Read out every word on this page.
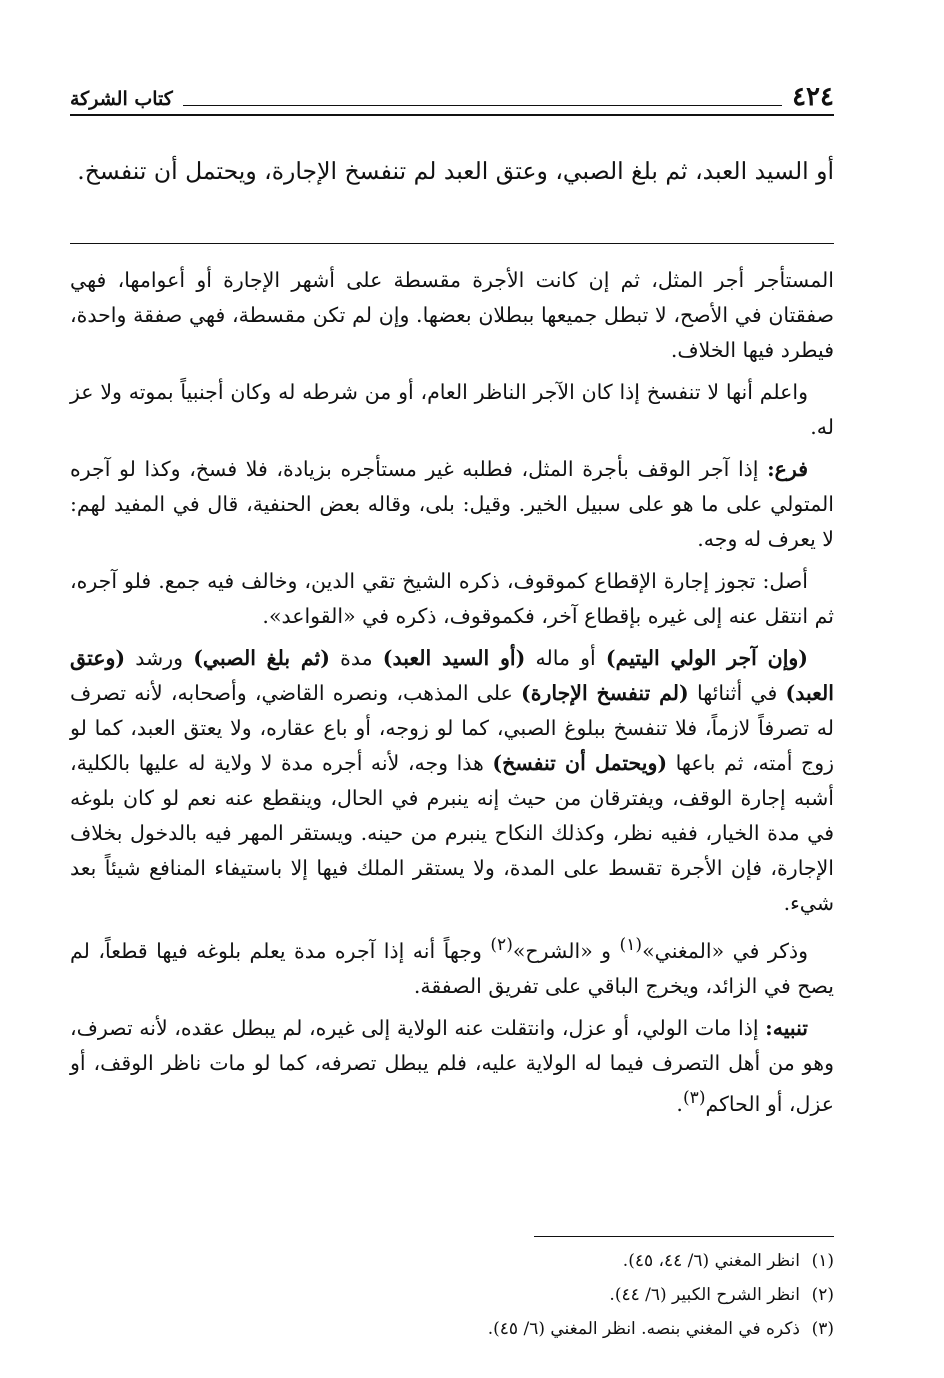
٤٢٤
كتاب الشركة
أو السيد العبد، ثم بلغ الصبي، وعتق العبد لم تنفسخ الإجارة، ويحتمل أن تنفسخ.

المستأجر أجر المثل، ثم إن كانت الأجرة مقسطة على أشهر الإجارة أو أعوامها، فهي صفقتان في الأصح، لا تبطل جميعها ببطلان بعضها. وإن لم تكن مقسطة، فهي صفقة واحدة، فيطرد فيها الخلاف.

واعلم أنها لا تنفسخ إذا كان الآجر الناظر العام، أو من شرطه له وكان أجنبياً بموته ولا عز له.

فرع: إذا آجر الوقف بأجرة المثل، فطلبه غير مستأجره بزيادة، فلا فسخ، وكذا لو آجره المتولي على ما هو على سبيل الخير. وقيل: بلى، وقاله بعض الحنفية، قال في المفيد لهم: لا يعرف له وجه.

أصل: تجوز إجارة الإقطاع كموقوف، ذكره الشيخ تقي الدين، وخالف فيه جمع. فلو آجره، ثم انتقل عنه إلى غيره بإقطاع آخر، فكموقوف، ذكره في «القواعد».

(وإن آجر الولي اليتيم) أو ماله (أو السيد العبد) مدة (ثم بلغ الصبي) ورشد (وعتق العبد) في أثنائها (لم تنفسخ الإجارة) على المذهب، ونصره القاضي، وأصحابه، لأنه تصرف له تصرفاً لازماً، فلا تنفسخ ببلوغ الصبي، كما لو زوجه، أو باع عقاره، ولا يعتق العبد، كما لو زوج أمته، ثم باعها (ويحتمل أن تنفسخ) هذا وجه، لأنه أجره مدة لا ولاية له عليها بالكلية، أشبه إجارة الوقف، ويفترقان من حيث إنه ينبرم في الحال، وينقطع عنه نعم لو كان بلوغه في مدة الخيار، ففيه نظر، وكذلك النكاح ينبرم من حينه. ويستقر المهر فيه بالدخول بخلاف الإجارة، فإن الأجرة تقسط على المدة، ولا يستقر الملك فيها إلا باستيفاء المنافع شيئاً بعد شيء.

وذكر في «المغني»$^{(١)}$ و «الشرح»$^{(٢)}$ وجهاً أنه إذا آجره مدة يعلم بلوغه فيها قطعاً، لم يصح في الزائد، ويخرج الباقي على تفريق الصفقة.

تنبيه: إذا مات الولي، أو عزل، وانتقلت عنه الولاية إلى غيره، لم يبطل عقده، لأنه تصرف، وهو من أهل التصرف فيما له الولاية عليه، فلم يبطل تصرفه، كما لو مات ناظر الوقف، أو عزل، أو الحاكم$^{(٣)}$.

(١)انظر المغني (٦/ ٤٤، ٤٥).
(٢)انظر الشرح الكبير (٦/ ٤٤).
(٣)ذكره في المغني بنصه. انظر المغني (٦/ ٤٥).
